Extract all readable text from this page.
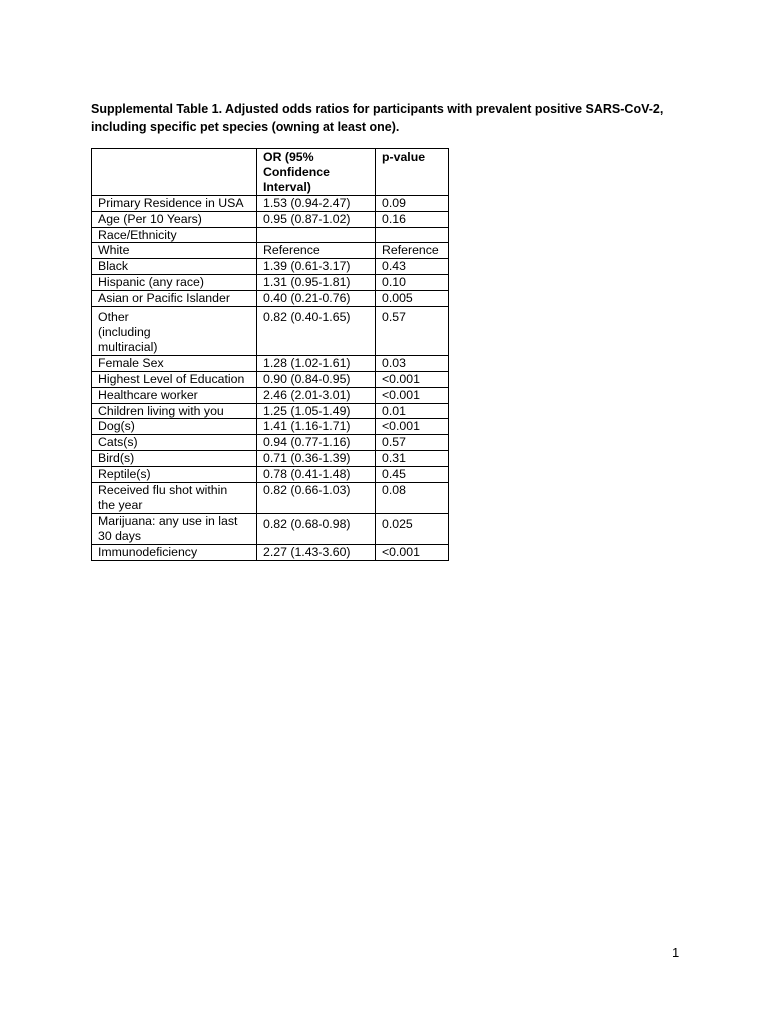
Supplemental Table 1. Adjusted odds ratios for participants with prevalent positive SARS-CoV-2,
including specific pet species (owning at least one).

	OR (95%
Confidence
Interval)	p-value
Primary Residence in USA	1.53 (0.94-2.47)	0.09
Age (Per 10 Years)	0.95 (0.87-1.02)	0.16
Race/Ethnicity		
White	Reference	Reference
Black	1.39 (0.61-3.17)	0.43
Hispanic (any race)	1.31 (0.95-1.81)	0.10
Asian or Pacific Islander	0.40 (0.21-0.76)	0.005
Other
(including
multiracial)	0.82 (0.40-1.65)	0.57
Female Sex	1.28 (1.02-1.61)	0.03
Highest Level of Education	0.90 (0.84-0.95)	<0.001
Healthcare worker	2.46 (2.01-3.01)	<0.001
Children living with you	1.25 (1.05-1.49)	0.01
Dog(s)	1.41 (1.16-1.71)	<0.001
Cats(s)	0.94 (0.77-1.16)	0.57
Bird(s)	0.71 (0.36-1.39)	0.31
Reptile(s)	0.78 (0.41-1.48)	0.45
Received flu shot within
the year	0.82 (0.66-1.03)	0.08
Marijuana: any use in last
30 days	0.82 (0.68-0.98)	0.025
Immunodeficiency	2.27 (1.43-3.60)	<0.001
1
